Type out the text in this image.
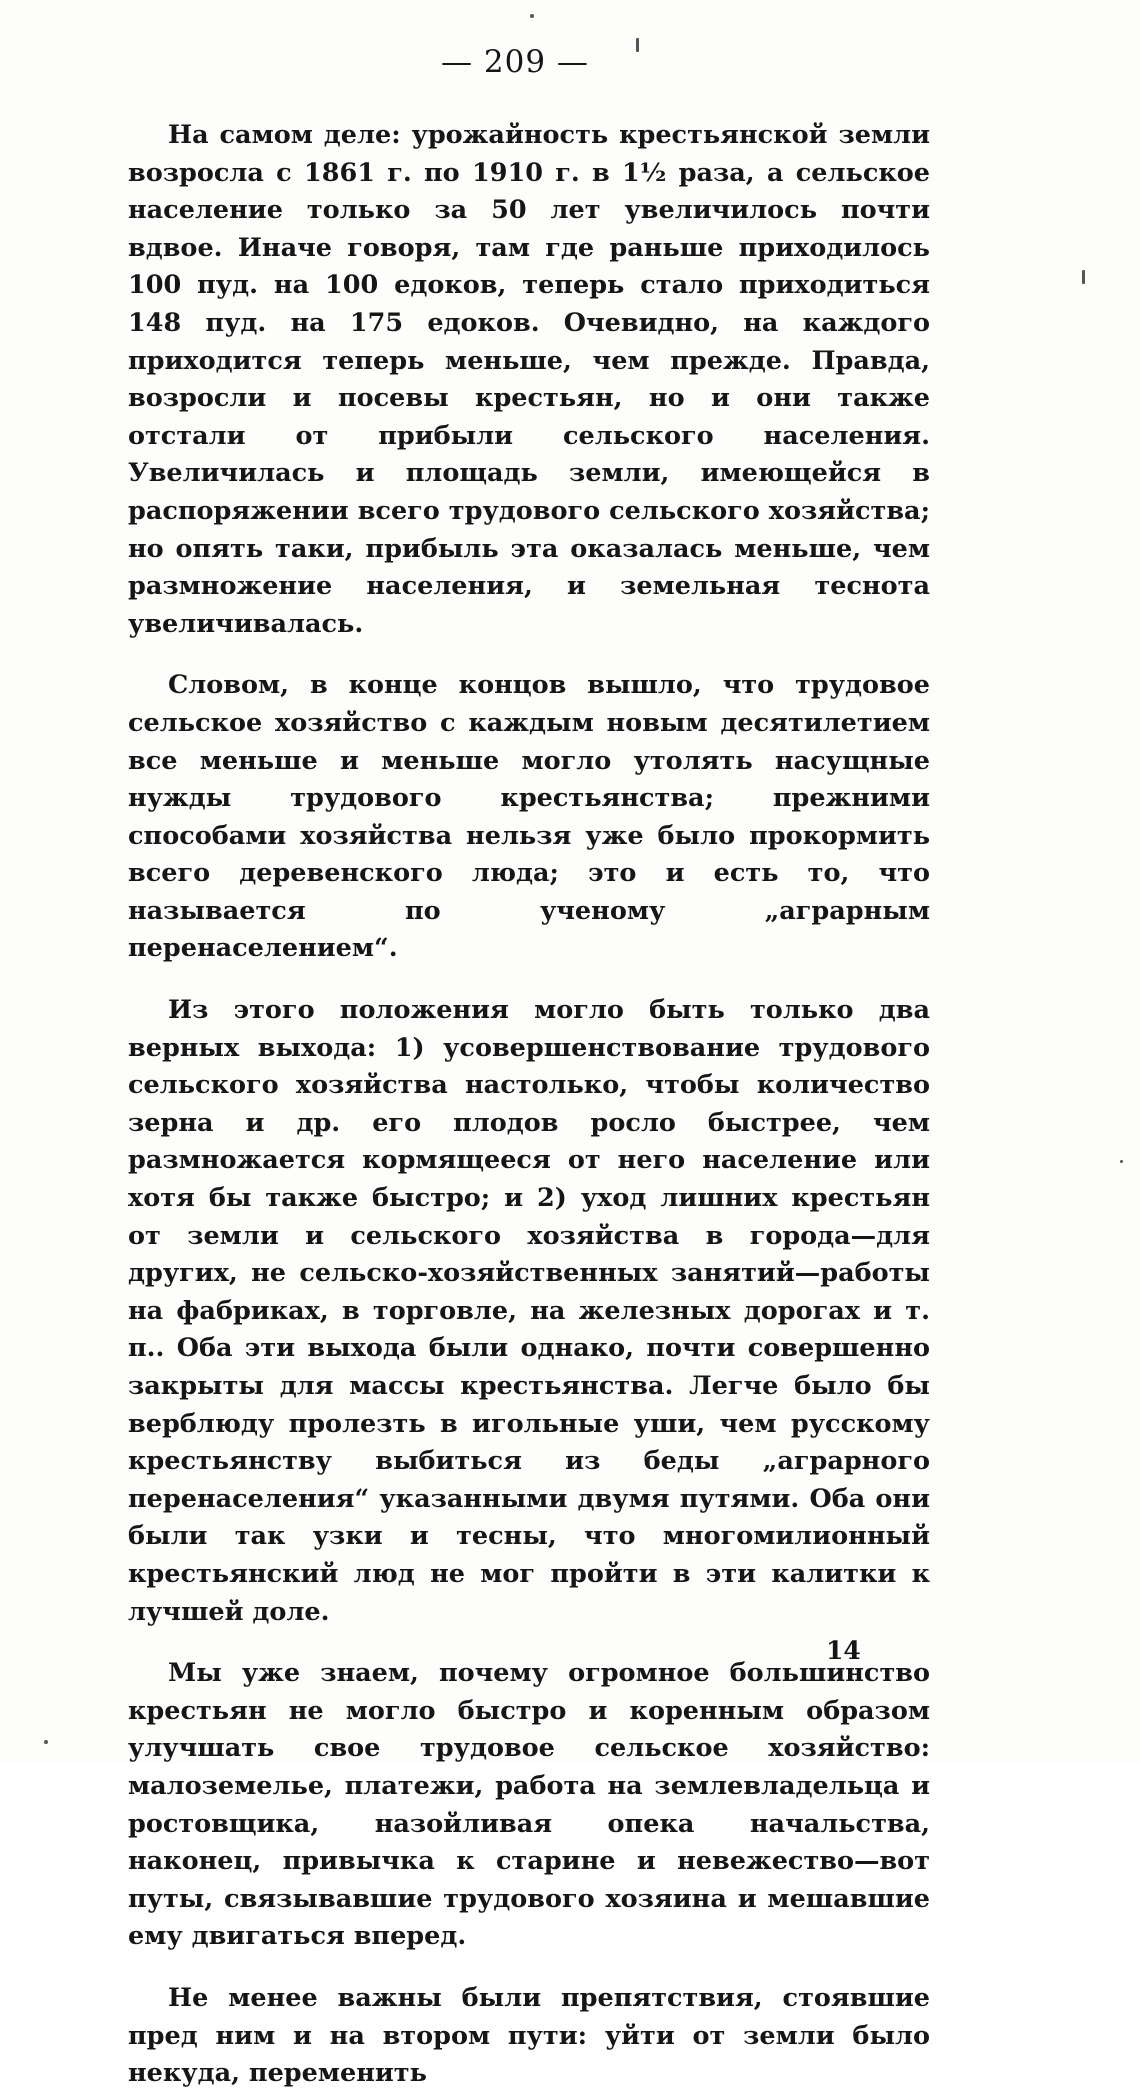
— 209 —

На самом деле: урожайность крестьянской земли возросла с 1861 г. по 1910 г. в 1½ раза, а сельское население только за 50 лет увеличилось почти вдвое. Иначе говоря, там где раньше приходилось 100 пуд. на 100 едоков, теперь стало приходиться 148 пуд. на 175 едоков. Очевидно, на каждого приходится теперь меньше, чем прежде. Правда, возросли и посевы крестьян, но и они также отстали от прибыли сельского населения. Увеличилась и площадь земли, имеющейся в распоряжении всего трудового сельского хозяйства; но опять таки, прибыль эта оказалась меньше, чем размножение населения, и земельная теснота увеличивалась.

Словом, в конце концов вышло, что трудовое сельское хозяйство с каждым новым десятилетием все меньше и меньше могло утолять насущные нужды трудового крестьянства; прежними способами хозяйства нельзя уже было прокормить всего деревенского люда; это и есть то, что называется по ученому „аграрным перенаселением“.

Из этого положения могло быть только два верных выхода: 1) усовершенствование трудового сельского хозяйства настолько, чтобы количество зерна и др. его плодов росло быстрее, чем размножается кормящееся от него население или хотя бы также быстро; и 2) уход лишних крестьян от земли и сельского хозяйства в города—для других, не сельско-хозяйственных занятий—работы на фабриках, в торговле, на железных дорогах и т. п.. Оба эти выхода были однако, почти совершенно закрыты для массы крестьянства. Легче было бы верблюду пролезть в игольные уши, чем русскому крестьянству выбиться из беды „аграрного перенаселения“ указанными двумя путями. Оба они были так узки и тесны, что многомилионный крестьянский люд не мог пройти в эти калитки к лучшей доле.

Мы уже знаем, почему огромное большинство крестьян не могло быстро и коренным образом улучшать свое трудовое сельское хозяйство: малоземелье, платежи, работа на землевладельца и ростовщика, назойливая опека начальства, наконец, привычка к старине и невежество—вот путы, связывавшие трудового хозяина и мешавшие ему двигаться вперед.

Не менее важны были препятствия, стоявшие пред ним и на втором пути: уйти от земли было некуда, переменить

14
